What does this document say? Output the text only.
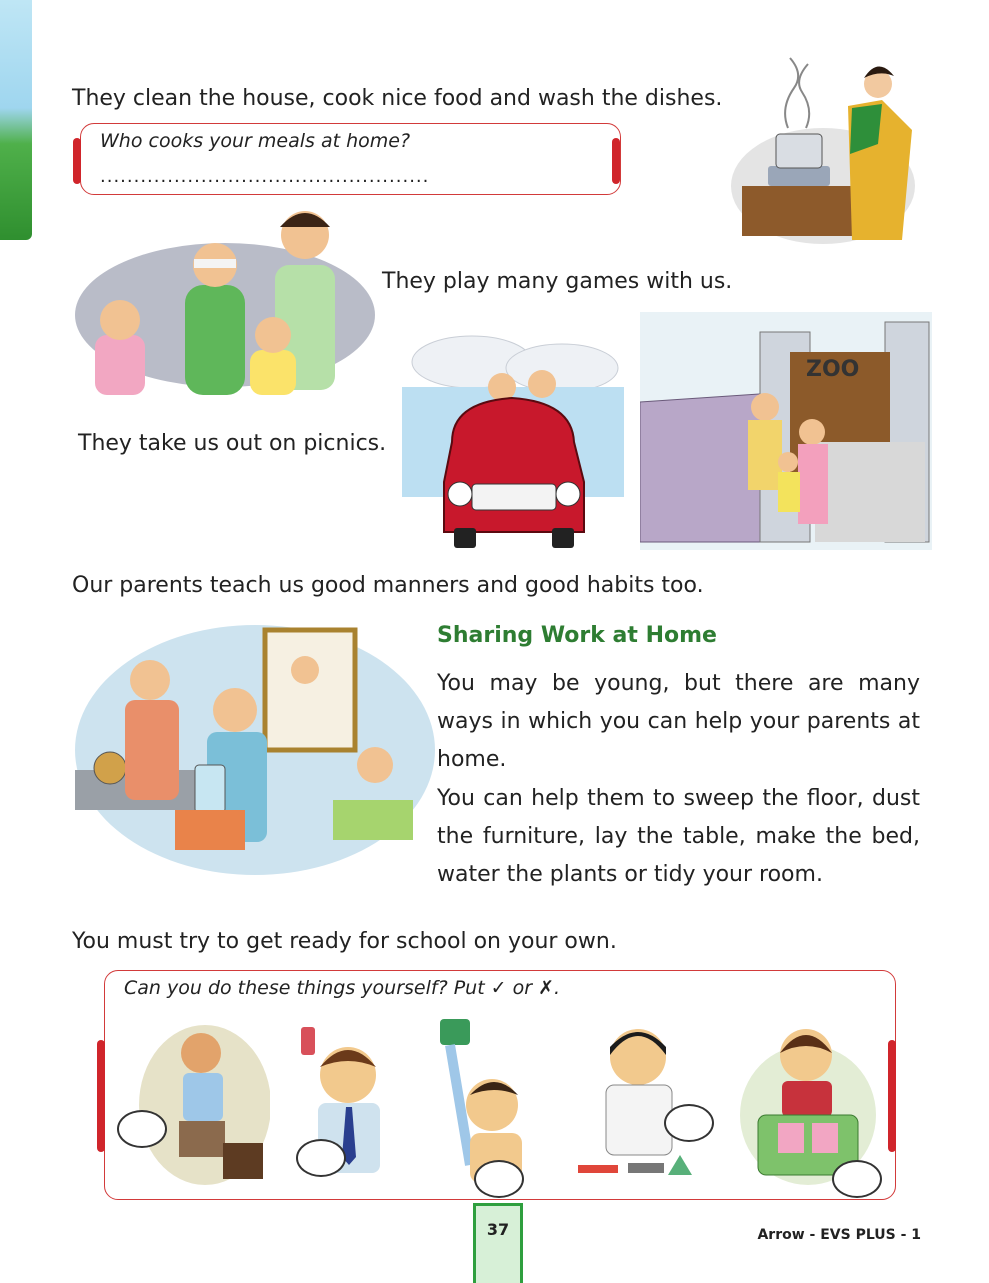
They clean the house, cook nice food and wash the dishes.
Who cooks your meals at home?
.................................................
They play many games with us.
ZOO
They take us out on picnics.
Our parents teach us good manners and good habits too.
Sharing Work at Home
You may be young, but there are many ways in which you can help your parents at home.
You can help them to sweep the floor, dust the furniture, lay the table, make the bed, water the plants or tidy your room.
You must try to get ready for school on your own.
Can you do these things yourself? Put ✓ or ✗.
37	Arrow - EVS PLUS - 1
